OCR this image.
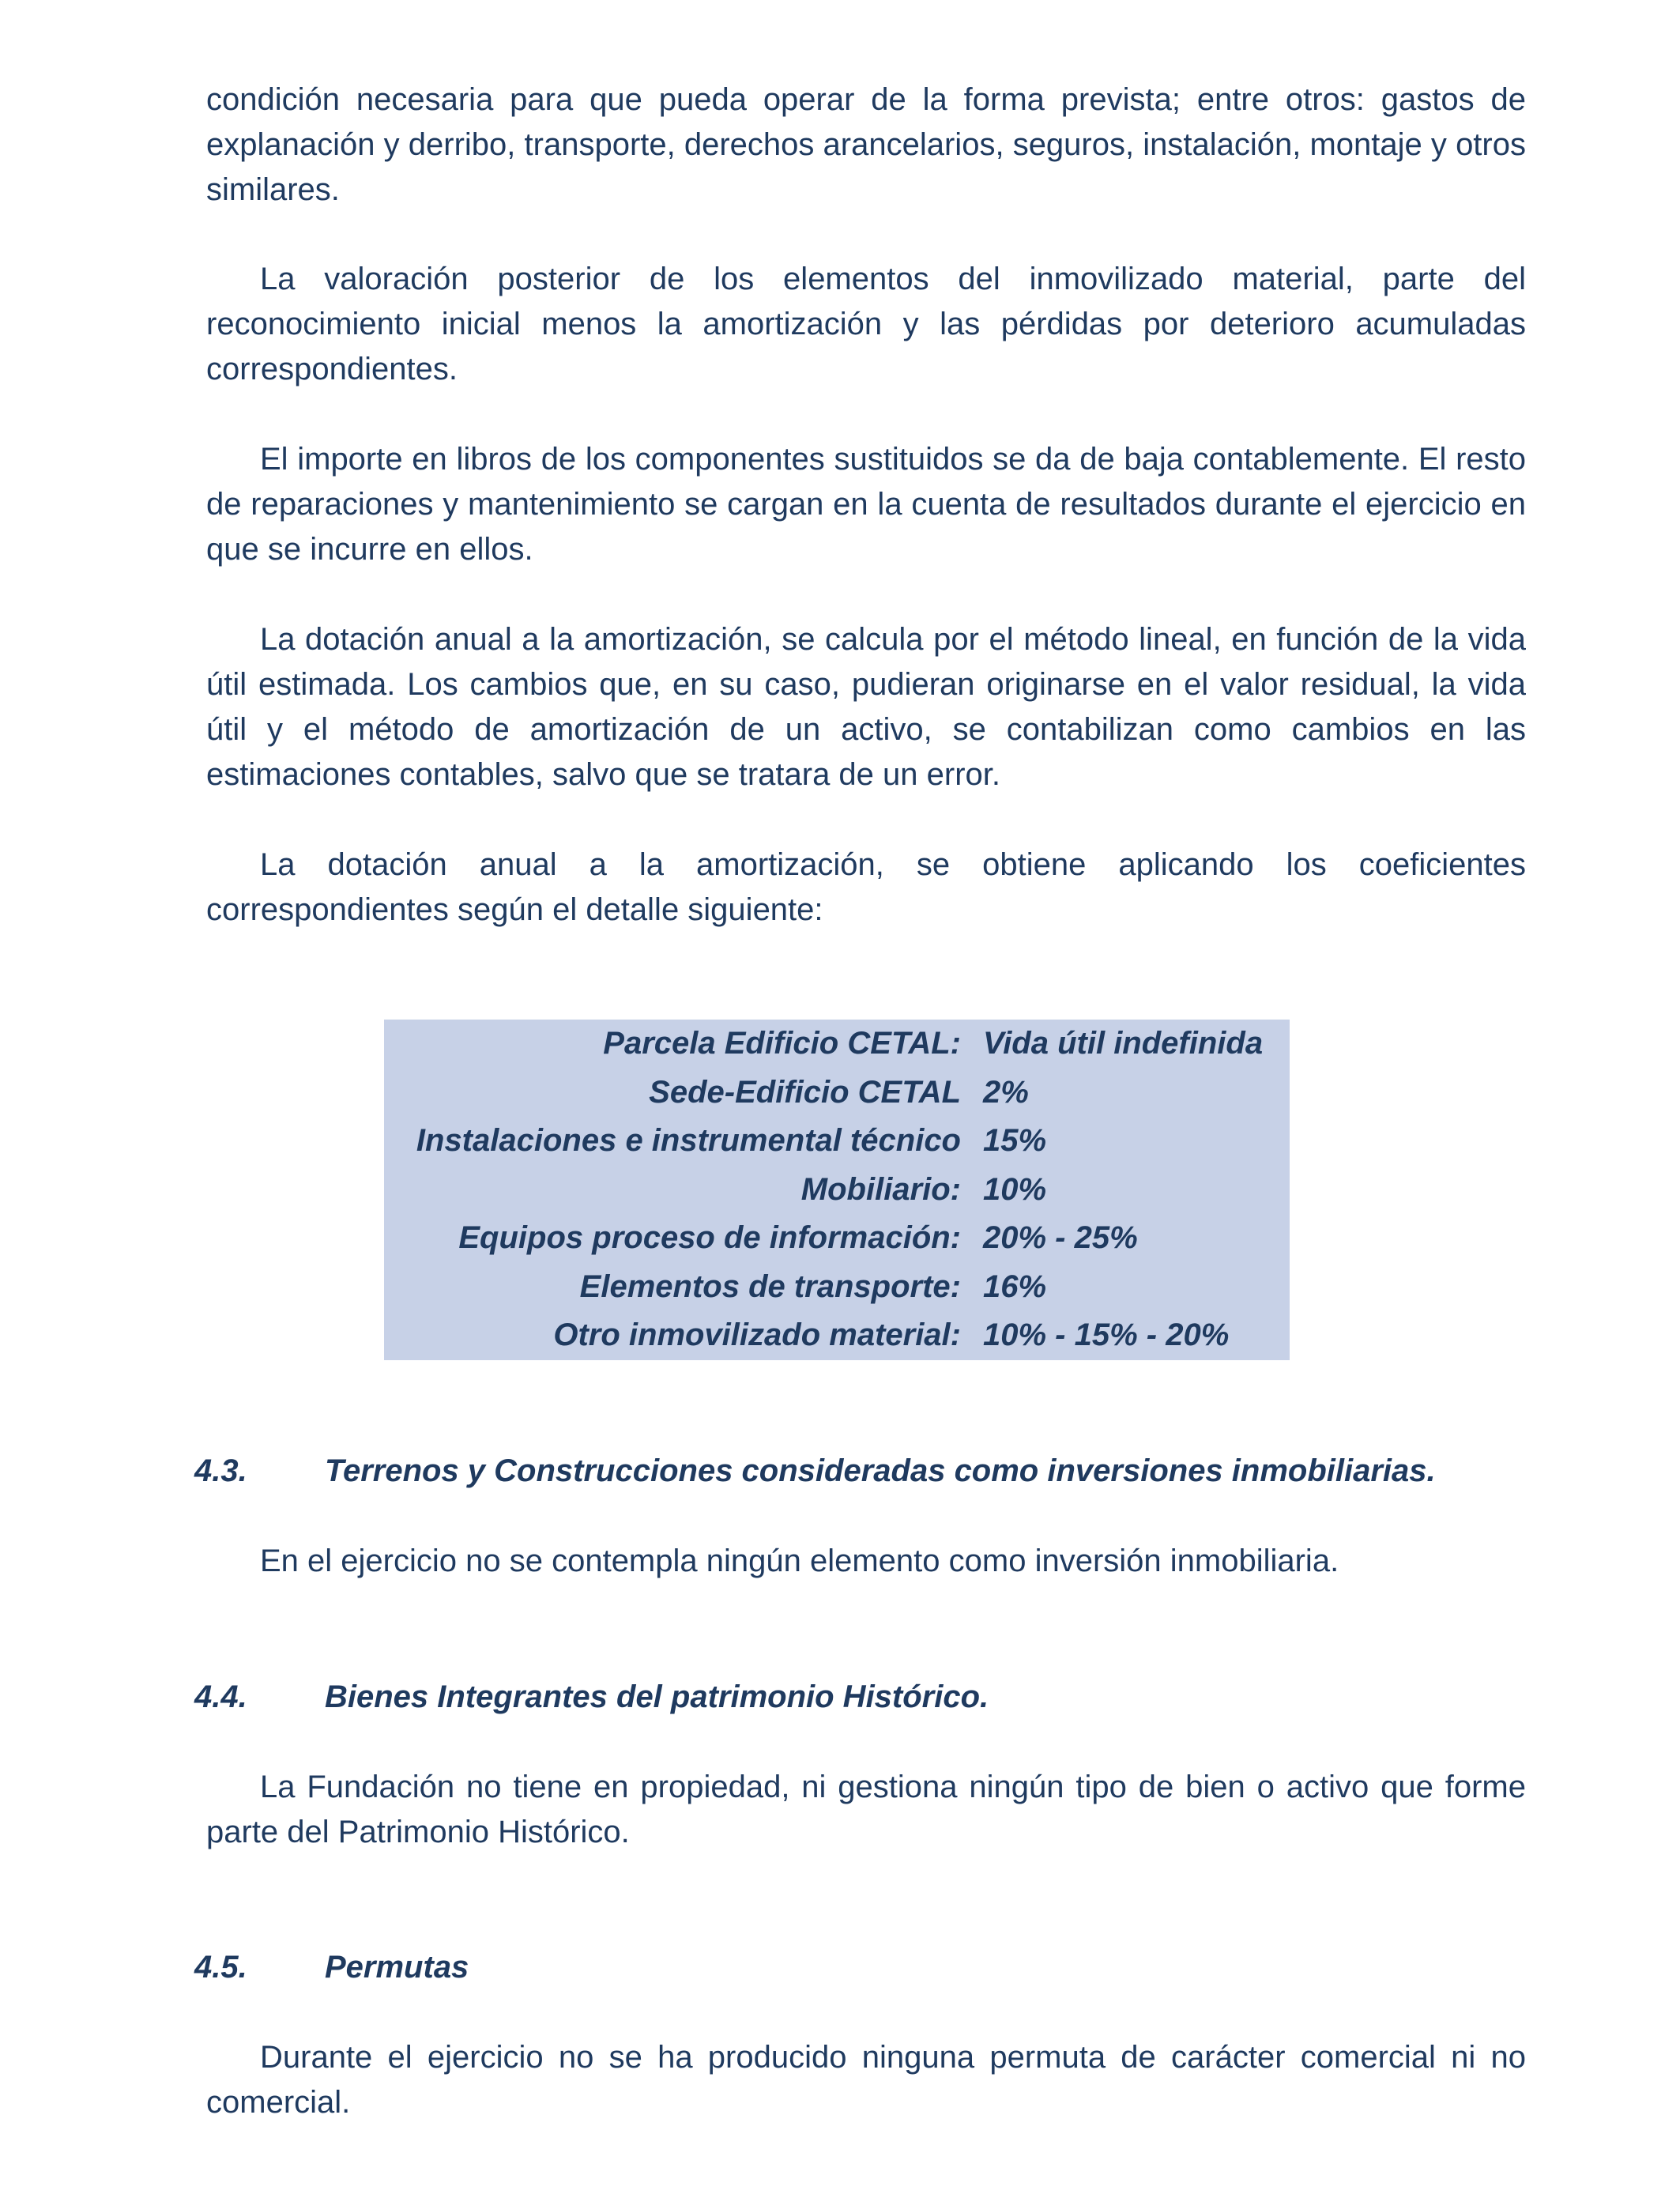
condición necesaria para que pueda operar de la forma prevista; entre otros: gastos de explanación y derribo, transporte, derechos arancelarios, seguros, instalación, montaje y otros similares.

La valoración posterior de los elementos del inmovilizado material, parte del reconocimiento inicial menos la amortización y las pérdidas por deterioro acumuladas correspondientes.

El importe en libros de los componentes sustituidos se da de baja contablemente. El resto de reparaciones y mantenimiento se cargan en la cuenta de resultados durante el ejercicio en que se incurre en ellos.

La dotación anual a la amortización, se calcula por el método lineal, en función de la vida útil estimada. Los cambios que, en su caso, pudieran originarse en el valor residual, la vida útil y el método de amortización de un activo, se contabilizan como cambios en las estimaciones contables, salvo que se tratara de un error.

La dotación anual a la amortización, se obtiene aplicando los coeficientes correspondientes según el detalle siguiente:

Parcela Edificio CETAL:	Vida útil indefinida
Sede-Edificio CETAL	2%
Instalaciones e instrumental técnico	15%
Mobiliario:	10%
Equipos proceso de información:	20% - 25%
Elementos de transporte:	16%
Otro inmovilizado material:	10% - 15% - 20%
4.3. Terrenos y Construcciones consideradas como inversiones inmobiliarias.

En el ejercicio no se contempla ningún elemento como inversión inmobiliaria.

4.4. Bienes Integrantes del patrimonio Histórico.

La Fundación no tiene en propiedad, ni gestiona ningún tipo de bien o activo que forme parte del Patrimonio Histórico.

4.5. Permutas

Durante el ejercicio no se ha producido ninguna permuta de carácter comercial ni no comercial.
